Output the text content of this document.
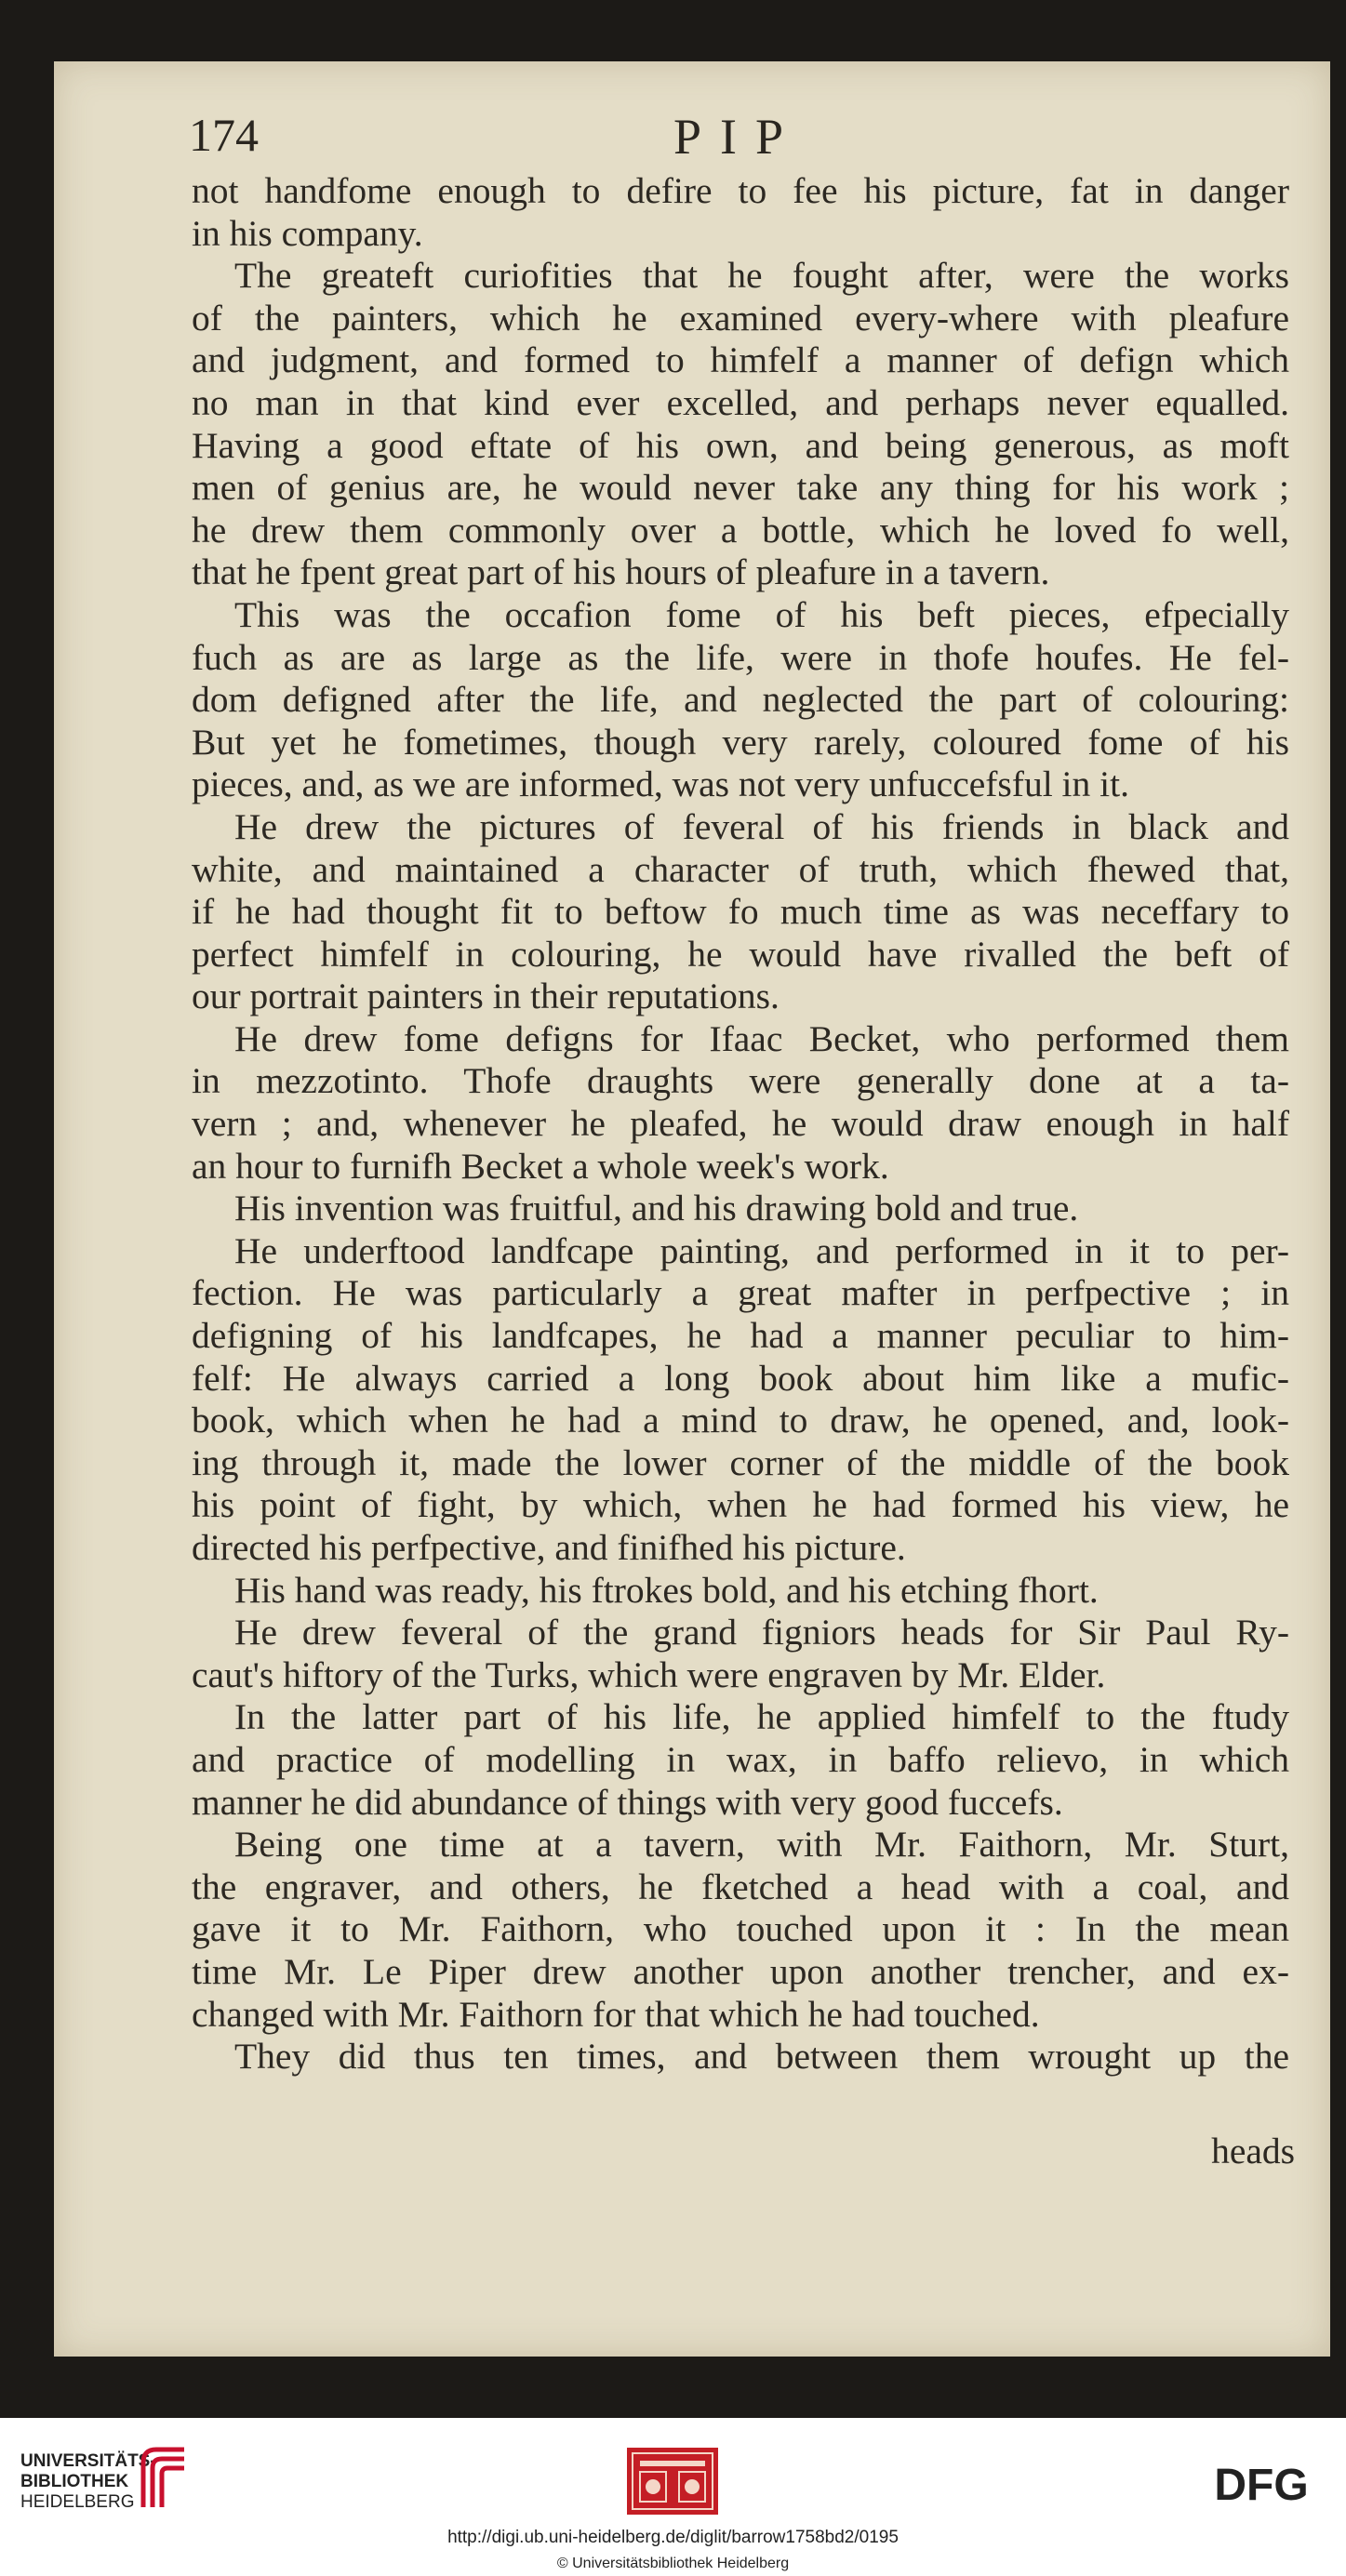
174	PIP
not handfome enough to defire to fee his picture, fat in danger
in his company.
The greateft curiofities that he fought after, were the works
of the painters, which he examined every-where with pleafure
and judgment, and formed to himfelf a manner of defign which
no man in that kind ever excelled, and perhaps never equalled.
Having a good eftate of his own, and being generous, as moft
men of genius are, he would never take any thing for his work ;
he drew them commonly over a bottle, which he loved fo well,
that he fpent great part of his hours of pleafure in a tavern.
This was the occafion fome of his beft pieces, efpecially
fuch as are as large as the life, were in thofe houfes. He fel-
dom defigned after the life, and neglected the part of colouring:
But yet he fometimes, though very rarely, coloured fome of his
pieces, and, as we are informed, was not very unfuccefsful in it.
He drew the pictures of feveral of his friends in black and
white, and maintained a character of truth, which fhewed that,
if he had thought fit to beftow fo much time as was neceffary to
perfect himfelf in colouring, he would have rivalled the beft of
our portrait painters in their reputations.
He drew fome defigns for Ifaac Becket, who performed them
in mezzotinto. Thofe draughts were generally done at a ta-
vern ; and, whenever he pleafed, he would draw enough in half
an hour to furnifh Becket a whole week's work.
His invention was fruitful, and his drawing bold and true.
He underftood landfcape painting, and performed in it to per-
fection. He was particularly a great mafter in perfpective ; in
defigning of his landfcapes, he had a manner peculiar to him-
felf: He always carried a long book about him like a mufic-
book, which when he had a mind to draw, he opened, and, look-
ing through it, made the lower corner of the middle of the book
his point of fight, by which, when he had formed his view, he
directed his perfpective, and finifhed his picture.
His hand was ready, his ftrokes bold, and his etching fhort.
He drew feveral of the grand figniors heads for Sir Paul Ry-
caut's hiftory of the Turks, which were engraven by Mr. Elder.
In the latter part of his life, he applied himfelf to the ftudy
and practice of modelling in wax, in baffo relievo, in which
manner he did abundance of things with very good fuccefs.
Being one time at a tavern, with Mr. Faithorn, Mr. Sturt,
the engraver, and others, he fketched a head with a coal, and
gave it to Mr. Faithorn, who touched upon it : In the mean
time Mr. Le Piper drew another upon another trencher, and ex-
changed with Mr. Faithorn for that which he had touched.
They did thus ten times, and between them wrought up the
heads
UNIVERSITÄTS-
BIBLIOTHEK
HEIDELBERG	DFG
http://digi.ub.uni-heidelberg.de/diglit/barrow1758bd2/0195
© Universitätsbibliothek Heidelberg
